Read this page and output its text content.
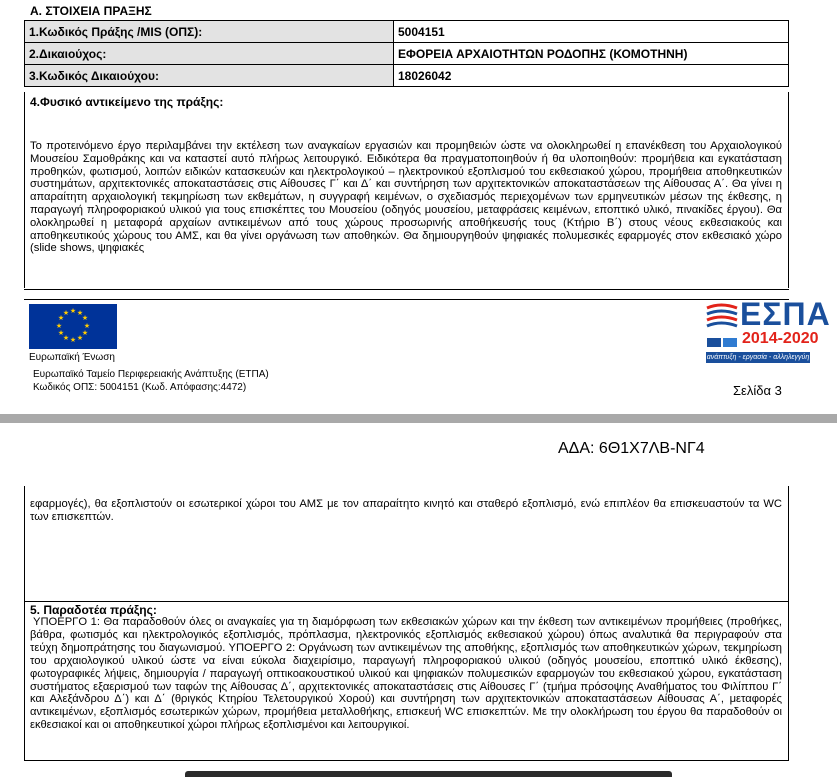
Α. ΣΤΟΙΧΕΙΑ ΠΡΑΞΗΣ
1.Κωδικός Πράξης /MIS (ΟΠΣ):	5004151
2.Δικαιούχος:	ΕΦΟΡΕΙΑ ΑΡΧΑΙΟΤΗΤΩΝ ΡΟΔΟΠΗΣ (ΚΟΜΟΤΗΝΗ)
3.Κωδικός Δικαιούχου:	18026042
4.Φυσικό αντικείμενο της πράξης:
Το προτεινόμενο έργο περιλαμβάνει την εκτέλεση των αναγκαίων εργασιών και προμηθειών ώστε να ολοκληρωθεί η επανέκθεση του Αρχαιολογικού Μουσείου Σαμοθράκης και να καταστεί αυτό πλήρως λειτουργικό. Ειδικότερα θα πραγματοποιηθούν ή θα υλοποιηθούν: προμήθεια και εγκατάσταση προθηκών, φωτισμού, λοιπών ειδικών κατασκευών και ηλεκτρολογικού – ηλεκτρονικού εξοπλισμού του εκθεσιακού χώρου, προμήθεια αποθηκευτικών συστημάτων, αρχιτεκτονικές αποκαταστάσεις στις Αίθουσες Γ΄ και Δ΄ και συντήρηση των αρχιτεκτονικών αποκαταστάσεων της Αίθουσας Α΄. Θα γίνει η απαραίτητη αρχαιολογική τεκμηρίωση των εκθεμάτων, η συγγραφή κειμένων, ο σχεδιασμός περιεχομένων των ερμηνευτικών μέσων της έκθεσης, η παραγωγή πληροφοριακού υλικού για τους επισκέπτες του Μουσείου (οδηγός μουσείου, μεταφράσεις κειμένων, εποπτικό υλικό, πινακίδες έργου). Θα ολοκληρωθεί η μεταφορά αρχαίων αντικειμένων από τους χώρους προσωρινής αποθήκευσής τους (Κτήριο Β΄) στους νέους εκθεσιακούς και αποθηκευτικούς χώρους του ΑΜΣ, και θα γίνει οργάνωση των αποθηκών. Θα δημιουργηθούν ψηφιακές πολυμεσικές εφαρμογές στον εκθεσιακό χώρο (slide shows, ψηφιακές
★ ★
★
★
★
★
★
★
★
★
★
★
Ευρωπαϊκή Ένωση
Ευρωπαϊκό Ταμείο Περιφερειακής Ανάπτυξης (ΕΤΠΑ)
Κωδικός ΟΠΣ: 5004151 (Κωδ. Απόφασης:4472)
ΕΣΠΑ
2014-2020
ανάπτυξη - εργασία - αλληλεγγύη
Σελίδα 3
ΑΔΑ: 6Θ1Χ7ΛΒ-ΝΓ4
εφαρμογές), θα εξοπλιστούν οι εσωτερικοί χώροι του ΑΜΣ με τον απαραίτητο κινητό και σταθερό εξοπλισμό, ενώ επιπλέον θα επισκευαστούν τα WC των επισκεπτών.
5. Παραδοτέα πράξης:
ΥΠΟΕΡΓΟ 1: Θα παραδοθούν όλες οι αναγκαίες για τη διαμόρφωση των εκθεσιακών χώρων και την έκθεση των αντικειμένων προμήθειες (προθήκες, βάθρα, φωτισμός και ηλεκτρολογικός εξοπλισμός, πρόπλασμα, ηλεκτρονικός εξοπλισμός εκθεσιακού χώρου) όπως αναλυτικά θα περιγραφούν στα τεύχη δημοπράτησης του διαγωνισμού. ΥΠΟΕΡΓΟ 2: Οργάνωση των αντικειμένων της αποθήκης, εξοπλισμός των αποθηκευτικών χώρων, τεκμηρίωση του αρχαιολογικού υλικού ώστε να είναι εύκολα διαχειρίσιμο, παραγωγή πληροφοριακού υλικού (οδηγός μουσείου, εποπτικό υλικό έκθεσης), φωτογραφικές λήψεις, δημιουργία / παραγωγή οπτικοακουστικού υλικού και ψηφιακών πολυμεσικών εφαρμογών του εκθεσιακού χώρου, εγκατάσταση συστήματος εξαερισμού των ταφών της Αίθουσας Δ΄, αρχιτεκτονικές αποκαταστάσεις στις Αίθουσες Γ΄ (τμήμα πρόσοψης Αναθήματος του Φιλίππου Γ΄ και Αλεξάνδρου Δ΄) και Δ΄ (θριγκός Κτηρίου Τελετουργικού Χορού) και συντήρηση των αρχιτεκτονικών αποκαταστάσεων Αίθουσας Α΄, μεταφορές αντικειμένων, εξοπλισμός εσωτερικών χώρων, προμήθεια μεταλλοθήκης, επισκευή WC επισκεπτών. Με την ολοκλήρωση του έργου θα παραδοθούν οι εκθεσιακοί και οι αποθηκευτικοί χώροι πλήρως εξοπλισμένοι και λειτουργικοί.
